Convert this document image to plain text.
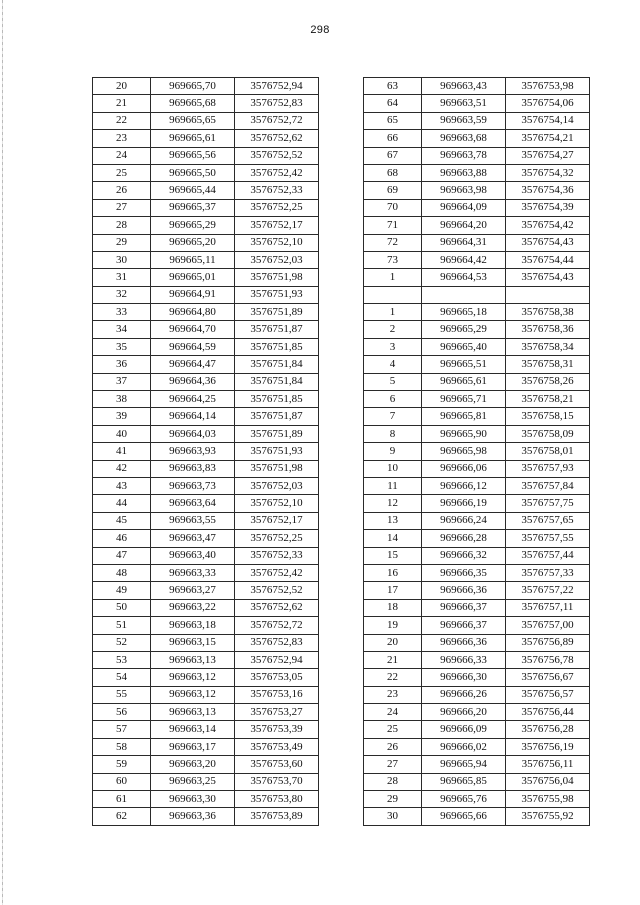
298
20	969665,70	3576752,94
21	969665,68	3576752,83
22	969665,65	3576752,72
23	969665,61	3576752,62
24	969665,56	3576752,52
25	969665,50	3576752,42
26	969665,44	3576752,33
27	969665,37	3576752,25
28	969665,29	3576752,17
29	969665,20	3576752,10
30	969665,11	3576752,03
31	969665,01	3576751,98
32	969664,91	3576751,93
33	969664,80	3576751,89
34	969664,70	3576751,87
35	969664,59	3576751,85
36	969664,47	3576751,84
37	969664,36	3576751,84
38	969664,25	3576751,85
39	969664,14	3576751,87
40	969664,03	3576751,89
41	969663,93	3576751,93
42	969663,83	3576751,98
43	969663,73	3576752,03
44	969663,64	3576752,10
45	969663,55	3576752,17
46	969663,47	3576752,25
47	969663,40	3576752,33
48	969663,33	3576752,42
49	969663,27	3576752,52
50	969663,22	3576752,62
51	969663,18	3576752,72
52	969663,15	3576752,83
53	969663,13	3576752,94
54	969663,12	3576753,05
55	969663,12	3576753,16
56	969663,13	3576753,27
57	969663,14	3576753,39
58	969663,17	3576753,49
59	969663,20	3576753,60
60	969663,25	3576753,70
61	969663,30	3576753,80
62	969663,36	3576753,89
63	969663,43	3576753,98
64	969663,51	3576754,06
65	969663,59	3576754,14
66	969663,68	3576754,21
67	969663,78	3576754,27
68	969663,88	3576754,32
69	969663,98	3576754,36
70	969664,09	3576754,39
71	969664,20	3576754,42
72	969664,31	3576754,43
73	969664,42	3576754,44
1	969664,53	3576754,43

1	969665,18	3576758,38
2	969665,29	3576758,36
3	969665,40	3576758,34
4	969665,51	3576758,31
5	969665,61	3576758,26
6	969665,71	3576758,21
7	969665,81	3576758,15
8	969665,90	3576758,09
9	969665,98	3576758,01
10	969666,06	3576757,93
11	969666,12	3576757,84
12	969666,19	3576757,75
13	969666,24	3576757,65
14	969666,28	3576757,55
15	969666,32	3576757,44
16	969666,35	3576757,33
17	969666,36	3576757,22
18	969666,37	3576757,11
19	969666,37	3576757,00
20	969666,36	3576756,89
21	969666,33	3576756,78
22	969666,30	3576756,67
23	969666,26	3576756,57
24	969666,20	3576756,44
25	969666,09	3576756,28
26	969666,02	3576756,19
27	969665,94	3576756,11
28	969665,85	3576756,04
29	969665,76	3576755,98
30	969665,66	3576755,92
